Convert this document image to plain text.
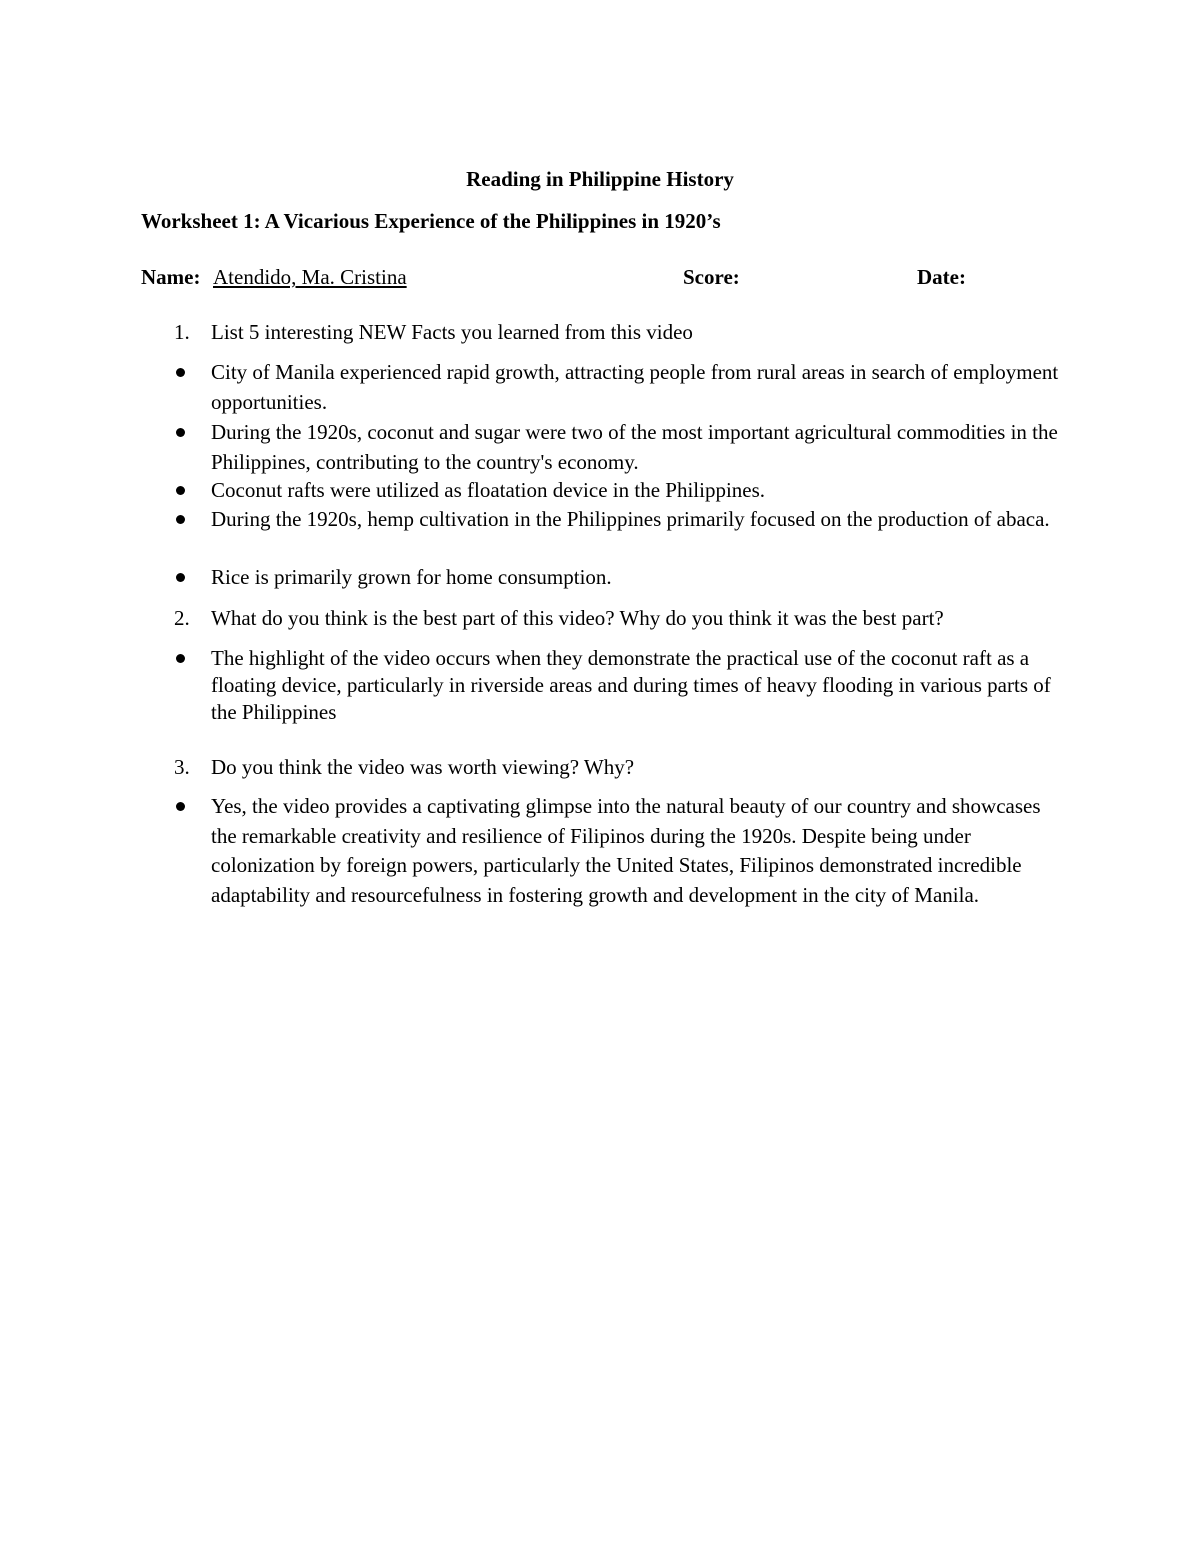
Reading in Philippine History
Worksheet 1: A Vicarious Experience of the Philippines in 1920’s
Name: Atendido, Ma. Cristina	Score:	Date:
1. List 5 interesting NEW Facts you learned from this video
City of Manila experienced rapid growth, attracting people from rural areas in search of employment opportunities.
During the 1920s, coconut and sugar were two of the most important agricultural commodities in the Philippines, contributing to the country's economy.
Coconut rafts were utilized as floatation device in the Philippines.
During the 1920s, hemp cultivation in the Philippines primarily focused on the production of abaca.
Rice is primarily grown for home consumption.
2. What do you think is the best part of this video? Why do you think it was the best part?
The highlight of the video occurs when they demonstrate the practical use of the coconut raft as a floating device, particularly in riverside areas and during times of heavy flooding in various parts of the Philippines
3. Do you think the video was worth viewing? Why?
Yes, the video provides a captivating glimpse into the natural beauty of our country and showcases the remarkable creativity and resilience of Filipinos during the 1920s. Despite being under colonization by foreign powers, particularly the United States, Filipinos demonstrated incredible adaptability and resourcefulness in fostering growth and development in the city of Manila.
